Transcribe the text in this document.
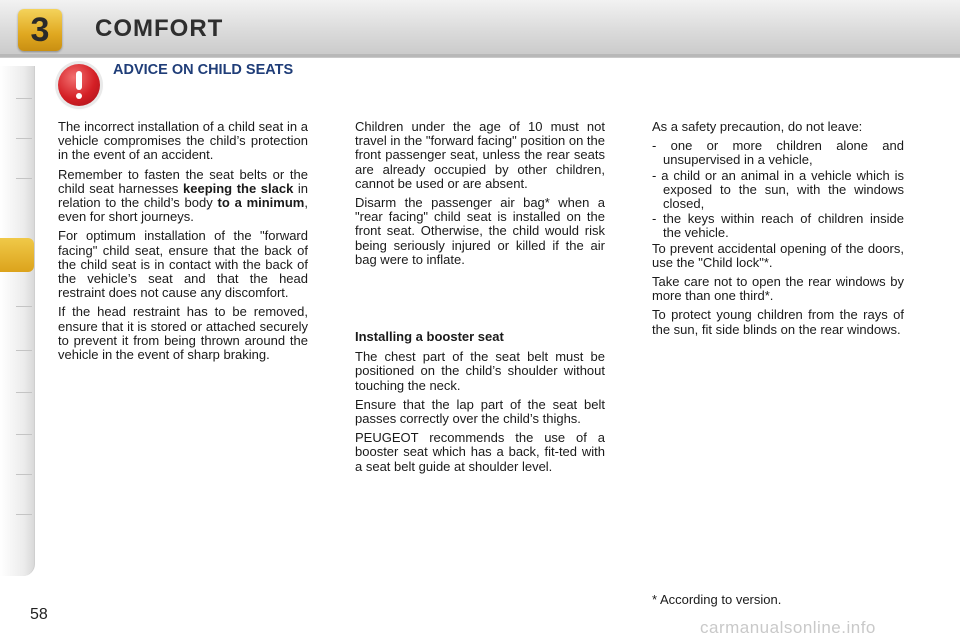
3 COMFORT
ADVICE ON CHILD SEATS

The incorrect installation of a child seat in a vehicle compromises the child’s protection in the event of an accident.

Remember to fasten the seat belts or the child seat harnesses keeping the slack in relation to the child’s body to a minimum, even for short journeys.

For optimum installation of the "forward facing" child seat, ensure that the back of the child seat is in contact with the back of the vehicle’s seat and that the head restraint does not cause any discomfort.

If the head restraint has to be removed, ensure that it is stored or attached securely to prevent it from being thrown around the vehicle in the event of sharp braking.

Children under the age of 10 must not travel in the "forward facing" position on the front passenger seat, unless the rear seats are already occupied by other children, cannot be used or are absent.

Disarm the passenger air bag* when a "rear facing" child seat is installed on the front seat. Otherwise, the child would risk being seriously injured or killed if the air bag were to inflate.

Installing a booster seat

The chest part of the seat belt must be positioned on the child’s shoulder without touching the neck.

Ensure that the lap part of the seat belt passes correctly over the child’s thighs.

PEUGEOT recommends the use of a booster seat which has a back, fit-ted with a seat belt guide at shoulder level.

As a safety precaution, do not leave:

- one or more children alone and unsupervised in a vehicle,

- a child or an animal in a vehicle which is exposed to the sun, with the windows closed,

- the keys within reach of children inside the vehicle.

To prevent accidental opening of the doors, use the "Child lock"*.

Take care not to open the rear windows by more than one third*.

To protect young children from the rays of the sun, fit side blinds on the rear windows.

* According to version.
58
carmanualsonline.info
